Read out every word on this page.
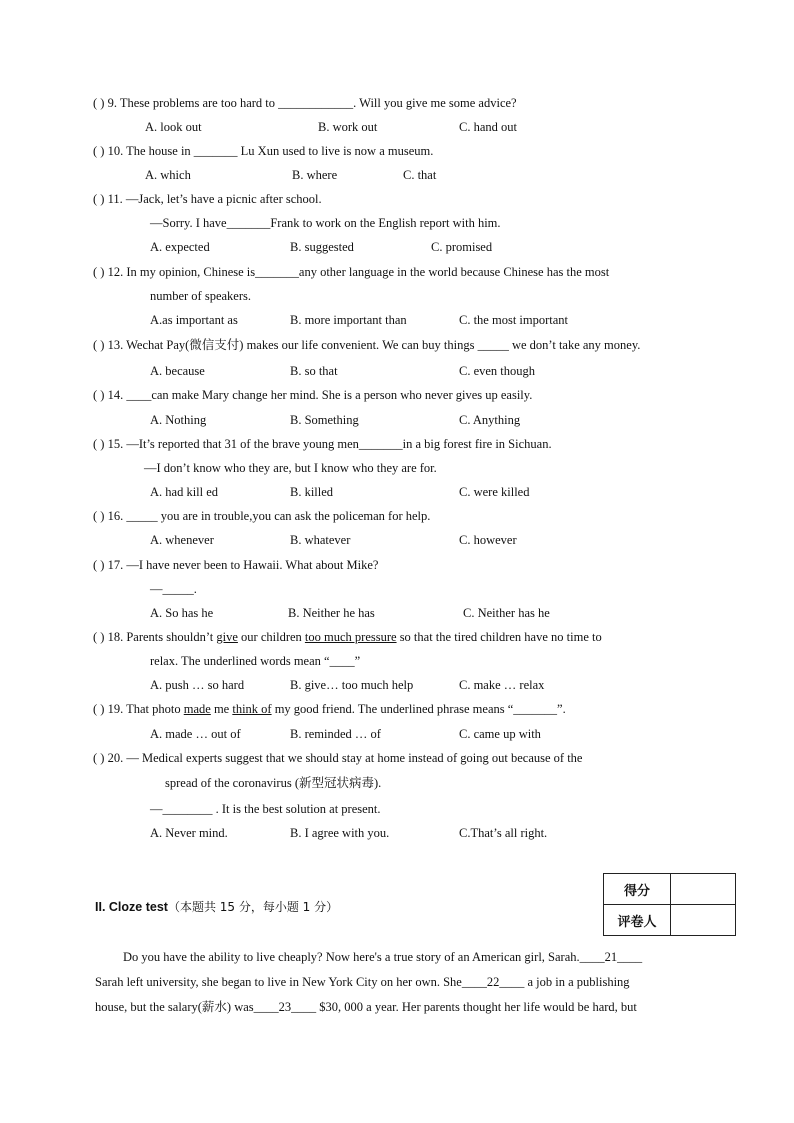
( ) 9. These problems are too hard to ____________. Will you give me some advice?
A. look out	B. work out	C. hand out
( ) 10. The house in _______ Lu Xun used to live is now a museum.
A. which	B. where	C. that
( ) 11. —Jack, let’s have a picnic after school.
—Sorry. I have_______Frank to work on the English report with him.
A. expected	B. suggested	C. promised
( ) 12. In my opinion, Chinese is_______any other language in the world because Chinese has the most
number of speakers.
A.as important as	B. more important than	C. the most important
( ) 13. Wechat Pay(微信支付) makes our life convenient. We can buy things _____ we don’t take any money.
A. because	B. so that	C. even though
( ) 14. ____can make Mary change her mind. She is a person who never gives up easily.
A. Nothing	B. Something	C. Anything
( ) 15. —It’s reported that 31 of the brave young men_______in a big forest fire in Sichuan.
—I don’t know who they are, but I know who they are for.
A. had kill ed	B. killed	C. were killed
( ) 16. _____ you are in trouble,you can ask the policeman for help.
A. whenever	B. whatever	C. however
( ) 17. —I have never been to Hawaii. What about Mike?
—_____.
A. So has he	B. Neither he has	C. Neither has he
( ) 18. Parents shouldn’t give our children too much pressure so that the tired children have no time to
relax. The underlined words mean “____”
A. push … so hard	B. give… too much help	C. make … relax
( ) 19. That photo made me think of my good friend. The underlined phrase means “_______”.
A. made … out of	B. reminded … of	C. came up with
( ) 20. — Medical experts suggest that we should stay at home instead of going out because of the
spread of the coronavirus (新型冠状病毒).
—________ . It is the best solution at present.
A. Never mind.	B. I agree with you.	C.That’s all right.
II. Cloze test（本题共 15 分，每小题 1 分）
得分	
评卷人	
Do you have the ability to live cheaply? Now here's a true story of an American girl, Sarah.____21____
Sarah left university, she began to live in New York City on her own. She____22____ a job in a publishing
house, but the salary(薪水) was____23____ $30, 000 a year. Her parents thought her life would be hard, but
